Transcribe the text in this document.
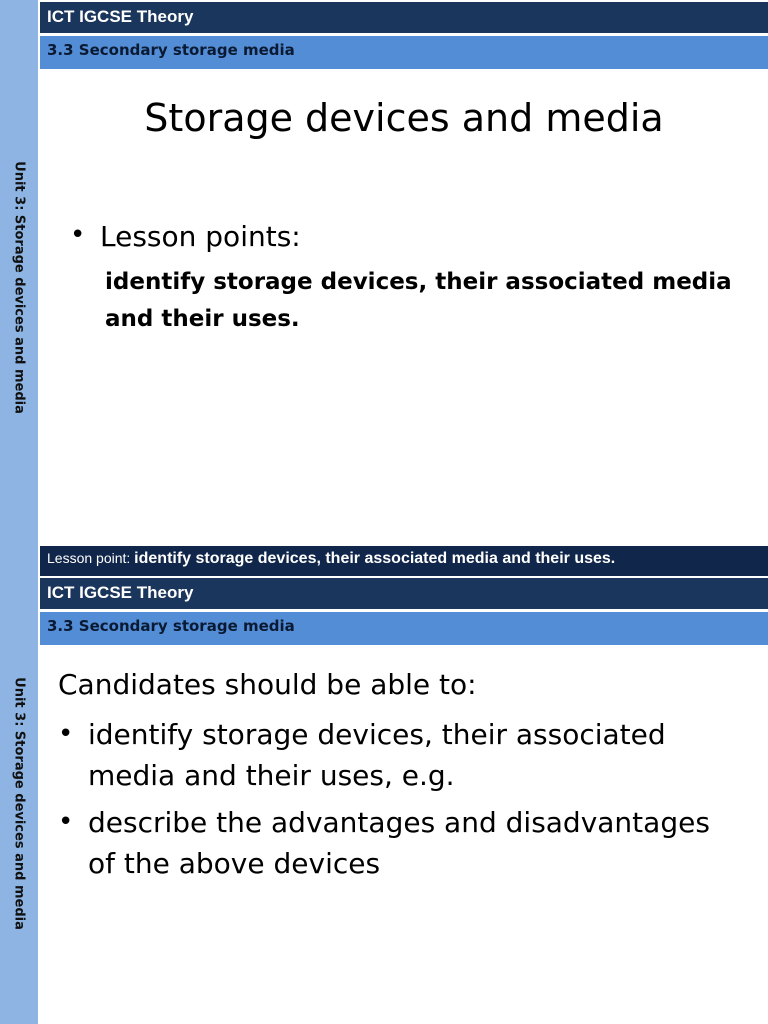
Unit 3: Storage devices and media
ICT IGCSE Theory
3.3 Secondary storage media
Storage devices and media
• Lesson points:
identify storage devices, their associated media and their uses.
Lesson point: identify storage devices, their associated media and their uses.
Unit 3: Storage devices and media
ICT IGCSE Theory
3.3 Secondary storage media
Candidates should be able to:
• identify storage devices, their associated media and their uses, e.g.
• describe the advantages and disadvantages of the above devices
